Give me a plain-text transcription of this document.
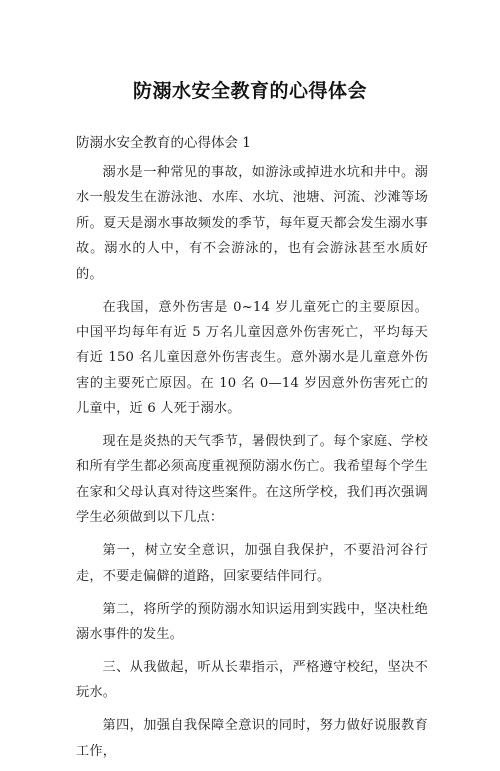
防溺水安全教育的心得体会

防溺水安全教育的心得体会 1

溺水是一种常见的事故，如游泳或掉进水坑和井中。溺水一般发生在游泳池、水库、水坑、池塘、河流、沙滩等场所。夏天是溺水事故频发的季节，每年夏天都会发生溺水事故。溺水的人中，有不会游泳的，也有会游泳甚至水质好的。

在我国，意外伤害是 0~14 岁儿童死亡的主要原因。中国平均每年有近 5 万名儿童因意外伤害死亡，平均每天有近 150 名儿童因意外伤害丧生。意外溺水是儿童意外伤害的主要死亡原因。在 10 名 0—14 岁因意外伤害死亡的儿童中，近 6 人死于溺水。

现在是炎热的天气季节，暑假快到了。每个家庭、学校和所有学生都必须高度重视预防溺水伤亡。我希望每个学生在家和父母认真对待这些案件。在这所学校，我们再次强调学生必须做到以下几点：

第一，树立安全意识，加强自我保护，不要沿河谷行走，不要走偏僻的道路，回家要结伴同行。

第二，将所学的预防溺水知识运用到实践中，坚决杜绝溺水事件的发生。

三、从我做起，听从长辈指示，严格遵守校纪，坚决不玩水。

第四，加强自我保障全意识的同时，努力做好说服教育工作，
